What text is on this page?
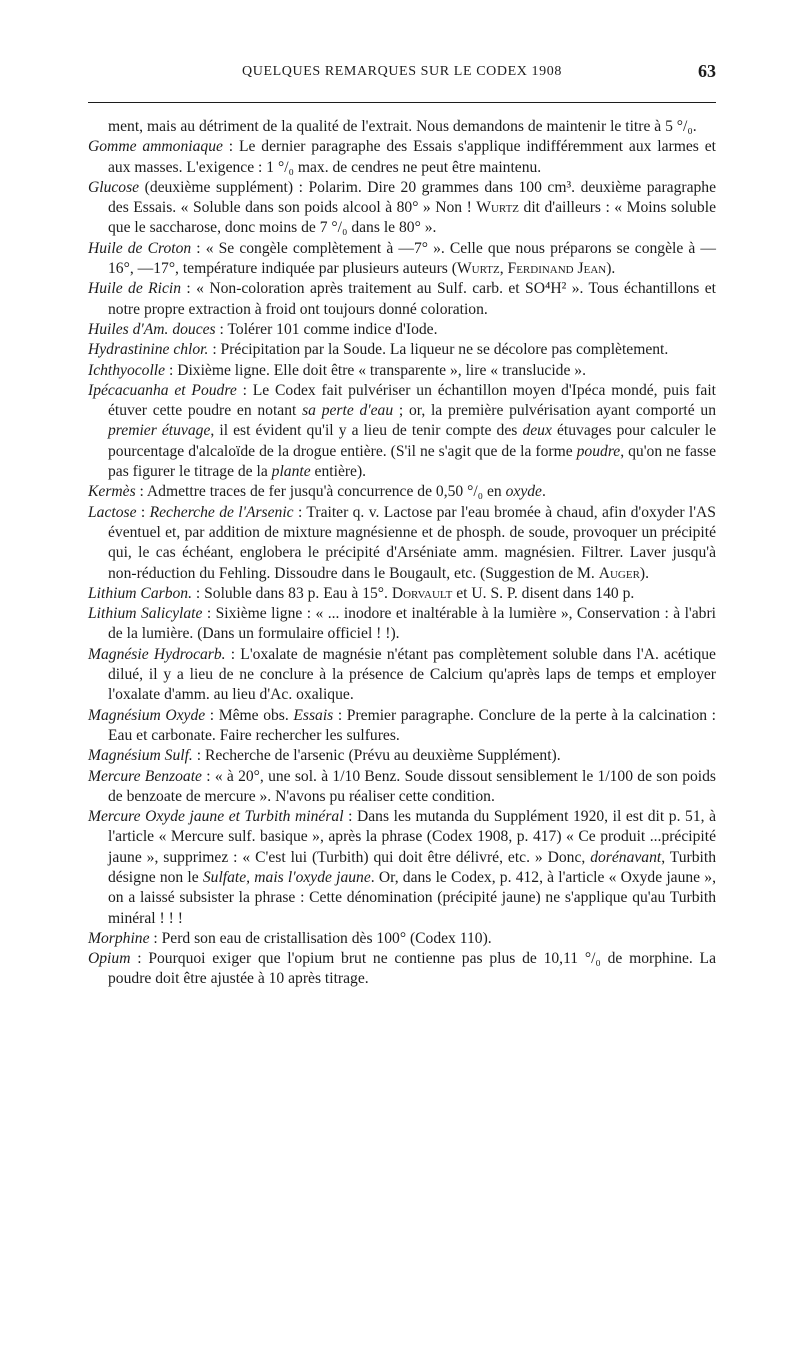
QUELQUES REMARQUES SUR LE CODEX 1908	63

ment, mais au détriment de la qualité de l'extrait. Nous demandons de maintenir le titre à 5 °/₀.

Gomme ammoniaque : Le dernier paragraphe des Essais s'applique indifféremment aux larmes et aux masses. L'exigence : 1 °/₀ max. de cendres ne peut être maintenu.

Glucose (deuxième supplément) : Polarim. Dire 20 grammes dans 100 cm³. deuxième paragraphe des Essais. « Soluble dans son poids alcool à 80° » Non ! Wurtz dit d'ailleurs : « Moins soluble que le saccharose, donc moins de 7 °/₀ dans le 80° ».

Huile de Croton : « Se congèle complètement à —7° ». Celle que nous préparons se congèle à —16°, —17°, température indiquée par plusieurs auteurs (Wurtz, Ferdinand Jean).

Huile de Ricin : « Non-coloration après traitement au Sulf. carb. et SO⁴H² ». Tous échantillons et notre propre extraction à froid ont toujours donné coloration.

Huiles d'Am. douces : Tolérer 101 comme indice d'Iode.

Hydrastinine chlor. : Précipitation par la Soude. La liqueur ne se décolore pas complètement.

Ichthyocolle : Dixième ligne. Elle doit être « transparente », lire « translucide ».

Ipécacuanha et Poudre : Le Codex fait pulvériser un échantillon moyen d'Ipéca mondé, puis fait étuver cette poudre en notant sa perte d'eau ; or, la première pulvérisation ayant comporté un premier étuvage, il est évident qu'il y a lieu de tenir compte des deux étuvages pour calculer le pourcentage d'alcaloïde de la drogue entière. (S'il ne s'agit que de la forme poudre, qu'on ne fasse pas figurer le titrage de la plante entière).

Kermès : Admettre traces de fer jusqu'à concurrence de 0,50 °/₀ en oxyde.

Lactose : Recherche de l'Arsenic : Traiter q. v. Lactose par l'eau bromée à chaud, afin d'oxyder l'AS éventuel et, par addition de mixture magnésienne et de phosph. de soude, provoquer un précipité qui, le cas échéant, englobera le précipité d'Arséniate amm. magnésien. Filtrer. Laver jusqu'à non-réduction du Fehling. Dissoudre dans le Bougault, etc. (Suggestion de M. Auger).

Lithium Carbon. : Soluble dans 83 p. Eau à 15°. Dorvault et U. S. P. disent dans 140 p.

Lithium Salicylate : Sixième ligne : « ... inodore et inaltérable à la lumière », Conservation : à l'abri de la lumière. (Dans un formulaire officiel ! !).

Magnésie Hydrocarb. : L'oxalate de magnésie n'étant pas complètement soluble dans l'A. acétique dilué, il y a lieu de ne conclure à la présence de Calcium qu'après laps de temps et employer l'oxalate d'amm. au lieu d'Ac. oxalique.

Magnésium Oxyde : Même obs. Essais : Premier paragraphe. Conclure de la perte à la calcination : Eau et carbonate. Faire rechercher les sulfures.

Magnésium Sulf. : Recherche de l'arsenic (Prévu au deuxième Supplément).

Mercure Benzoate : « à 20°, une sol. à 1/10 Benz. Soude dissout sensiblement le 1/100 de son poids de benzoate de mercure ». N'avons pu réaliser cette condition.

Mercure Oxyde jaune et Turbith minéral : Dans les mutanda du Supplément 1920, il est dit p. 51, à l'article « Mercure sulf. basique », après la phrase (Codex 1908, p. 417) « Ce produit ...précipité jaune », supprimez : « C'est lui (Turbith) qui doit être délivré, etc. » Donc, dorénavant, Turbith désigne non le Sulfate, mais l'oxyde jaune. Or, dans le Codex, p. 412, à l'article « Oxyde jaune », on a laissé subsister la phrase : Cette dénomination (précipité jaune) ne s'applique qu'au Turbith minéral ! ! !

Morphine : Perd son eau de cristallisation dès 100° (Codex 110).

Opium : Pourquoi exiger que l'opium brut ne contienne pas plus de 10,11 °/₀ de morphine. La poudre doit être ajustée à 10 après titrage.
